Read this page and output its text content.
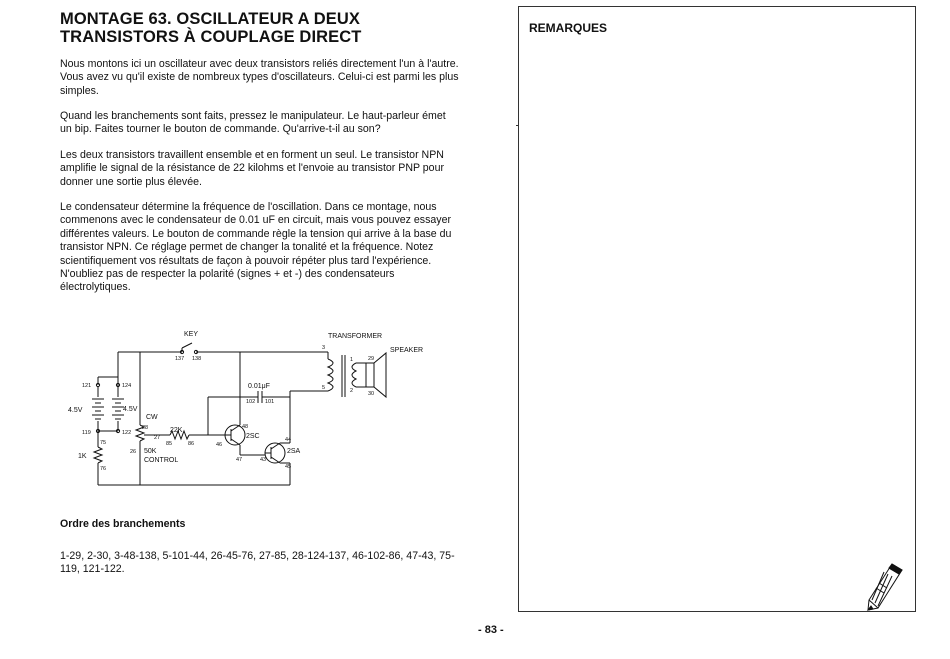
MONTAGE 63. OSCILLATEUR A DEUX
TRANSISTORS À COUPLAGE DIRECT

Nous montons ici un oscillateur avec deux transistors reliés directement l'un à l'autre. Vous avez vu qu'il existe de nombreux types d'oscillateurs. Celui-ci est parmi les plus simples.

Quand les branchements sont faits, pressez le manipulateur. Le haut-parleur émet un bip. Faites tourner le bouton de commande. Qu'arrive-t-il au son?

Les deux transistors travaillent ensemble et en forment un seul. Le transistor NPN amplifie le signal de la résistance de 22 kilohms et l'envoie au transistor PNP pour donner une sortie plus élevée.

Le condensateur détermine la fréquence de l'oscillation. Dans ce montage, nous commenons avec le condensateur de 0.01 uF en circuit, mais vous pouvez essayer différentes valeurs. Le bouton de commande règle la tension qui arrive à la base du transistor NPN. Ce réglage permet de changer la tonalité et la fréquence. Notez scientifiquement vos résultats de façon à pouvoir répéter plus tard l'expérience. N'oubliez pas de respecter la polarité (signes + et -) des condensateurs électrolytiques.

KEY	TRANSFORMER
SPEAKER
0.01μF
4.5V	4.5V
CW
22K
1K
50K
CONTROL
2SC
2SA
137 138
3
5
1
2
29
30
102 101
121	124
119	122
28
27
26
85	86	46
48
47	43
44
45
75
76

Ordre des branchements

1-29, 2-30, 3-48-138, 5-101-44, 26-45-76, 27-85, 28-124-137, 46-102-86, 47-43, 75-119, 121-122.

REMARQUES

- 83 -
